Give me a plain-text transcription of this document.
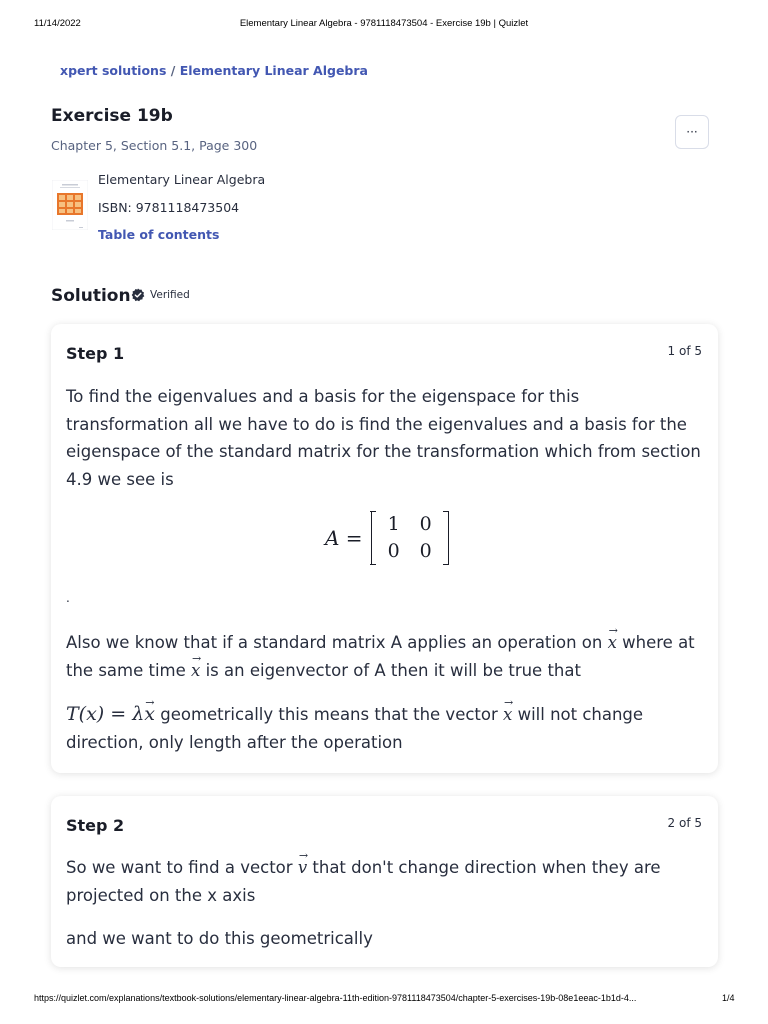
11/14/2022	Elementary Linear Algebra - 9781118473504 - Exercise 19b | Quizlet
xpert solutions / Elementary Linear Algebra
Exercise 19b
Chapter 5, Section 5.1, Page 300
···
Elementary Linear Algebra
ISBN: 9781118473504
Table of contents
Solution Verified
Step 1	1 of 5

To find the eigenvalues and a basis for the eigenspace for this transformation all we have to do is find the eigenvalues and a basis for the eigenspace of the standard matrix for the transformation which from section 4.9 we see is

A =
1	0
0	0

.

Also we know that if a standard matrix A applies an operation on → x where at the same time → x is an eigenvector of A then it will be true that

T(x) = λ→ x geometrically this means that the vector → x will not change direction, only length after the operation

Step 2	2 of 5

So we want to find a vector → v that don't change direction when they are projected on the x axis

and we want to do this geometrically

https://quizlet.com/explanations/textbook-solutions/elementary-linear-algebra-11th-edition-9781118473504/chapter-5-exercises-19b-08e1eeac-1b1d-4...	1/4
